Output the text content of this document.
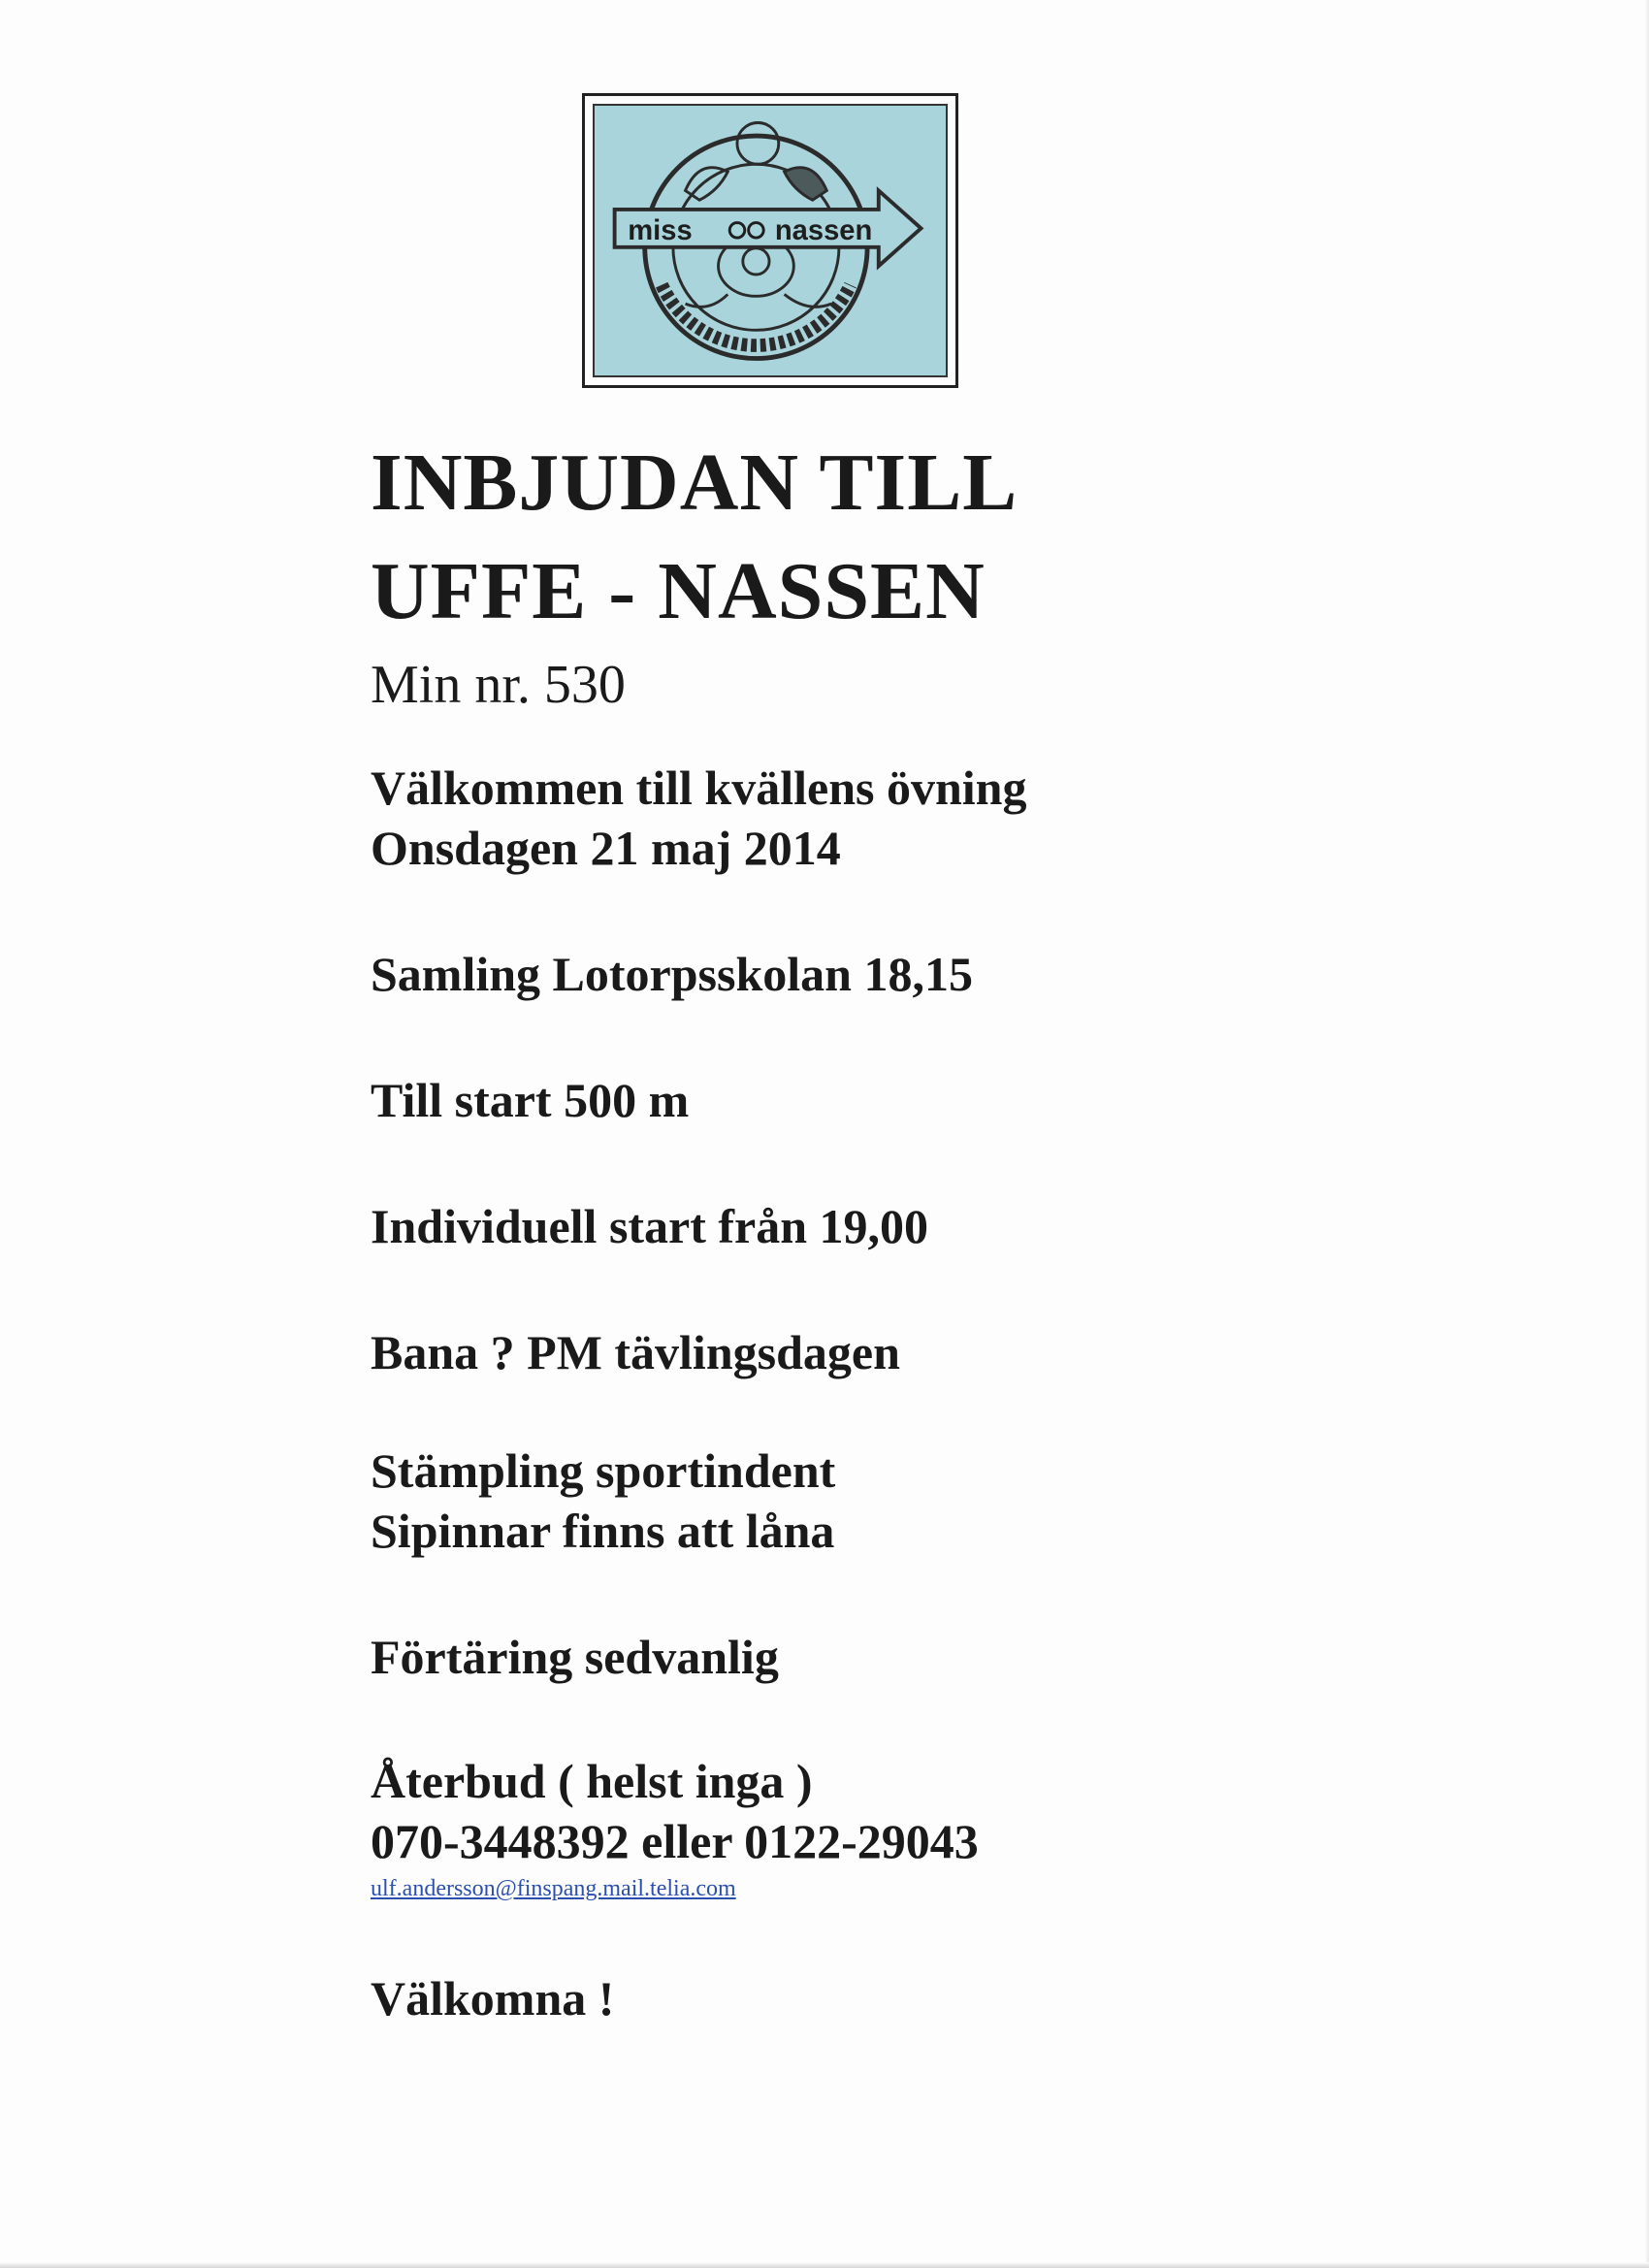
miss	nassen
INBJUDAN TILL
UFFE - NASSEN
Min nr. 530
Välkommen till kvällens övning
Onsdagen 21 maj 2014
Samling Lotorpsskolan 18,15
Till start 500 m
Individuell start från 19,00
Bana ? PM tävlingsdagen
Stämpling sportindent
Sipinnar finns att låna
Förtäring sedvanlig
Återbud ( helst inga )
070-3448392 eller 0122-29043
ulf.andersson@finspang.mail.telia.com
Välkomna !
